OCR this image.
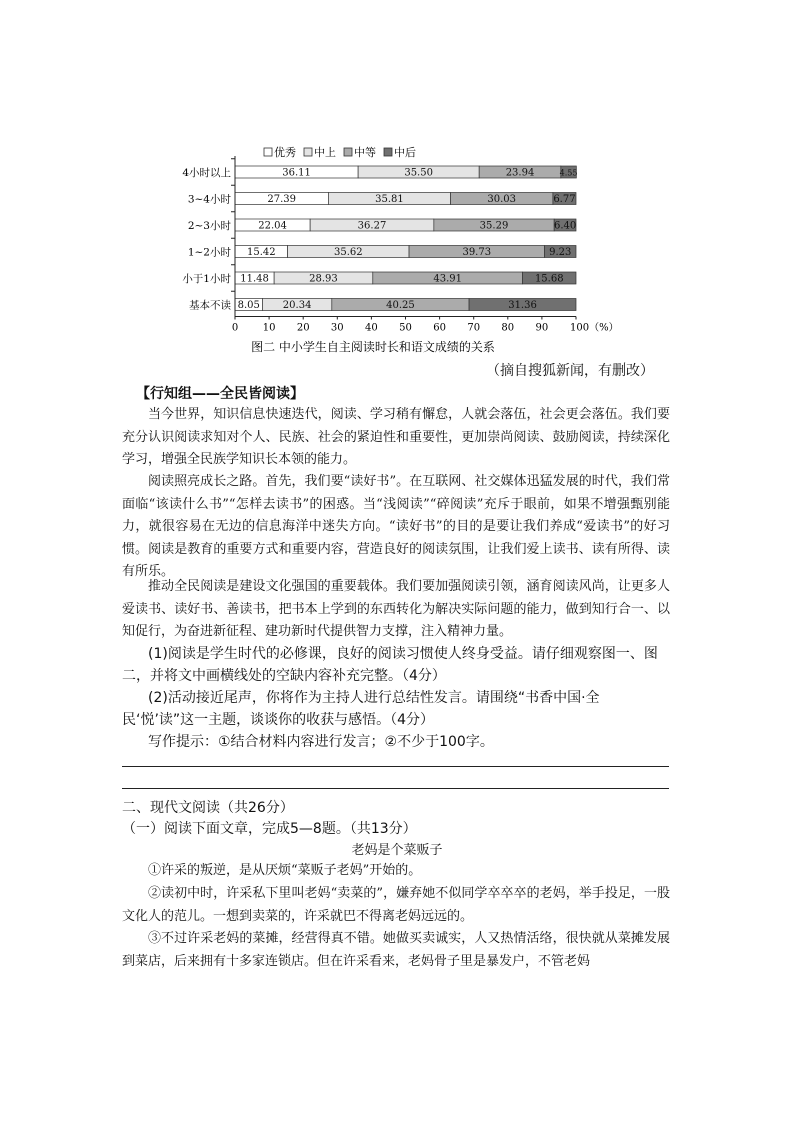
优秀 中上 中等 中后
36.11	35.50	23.94	4.55
27.39	35.81	30.03	6.77
22.04	36.27	35.29	6.40
15.42	35.62	39.73	9.23
11.48	28.93	43.91	15.68
8.05 20.34	40.25	31.36
4小时以上
3~4小时
2~3小时
1~2小时
小于1小时
基本不读
0 10 20 30 40 50 60 70 80 90 100（%）
图二 中小学生自主阅读时长和语文成绩的关系
（摘自搜狐新闻，有删改）
【行知组——全民皆阅读】

当今世界，知识信息快速迭代，阅读、学习稍有懈怠，人就会落伍，社会更会落伍。我们要充分认识阅读求知对个人、民族、社会的紧迫性和重要性，更加崇尚阅读、鼓励阅读，持续深化学习，增强全民族学知识长本领的能力。

阅读照亮成长之路。首先，我们要“读好书”。在互联网、社交媒体迅猛发展的时代，我们常面临“该读什么书”“怎样去读书”的困惑。当“浅阅读”“碎阅读”充斥于眼前，如果不增强甄别能力，就很容易在无边的信息海洋中迷失方向。“读好书”的目的是要让我们养成“爱读书”的好习惯。阅读是教育的重要方式和重要内容，营造良好的阅读氛围，让我们爱上读书、读有所得、读有所乐。

推动全民阅读是建设文化强国的重要载体。我们要加强阅读引领，涵育阅读风尚，让更多人爱读书、读好书、善读书，把书本上学到的东西转化为解决实际问题的能力，做到知行合一、以知促行，为奋进新征程、建功新时代提供智力支撑，注入精神力量。

(1)阅读是学生时代的必修课，良好的阅读习惯使人终身受益。请仔细观察图一、图二，并将文中画横线处的空缺内容补充完整。（4分）

(2)活动接近尾声，你将作为主持人进行总结性发言。请围绕“书香中国·全民‘悦’读”这一主题，谈谈你的收获与感悟。（4分）

写作提示：①结合材料内容进行发言；②不少于100字。

二、现代文阅读（共26分）
（一）阅读下面文章，完成5—8题。（共13分）
老妈是个菜贩子

①许采的叛逆，是从厌烦“菜贩子老妈”开始的。

②读初中时，许采私下里叫老妈“卖菜的”，嫌弃她不似同学卒卒卒的老妈，举手投足，一股文化人的范儿。一想到卖菜的，许采就巴不得离老妈远远的。

③不过许采老妈的菜摊，经营得真不错。她做买卖诚实，人又热情活络，很快就从菜摊发展到菜店，后来拥有十多家连锁店。但在许采看来，老妈骨子里是暴发户，不管老妈
